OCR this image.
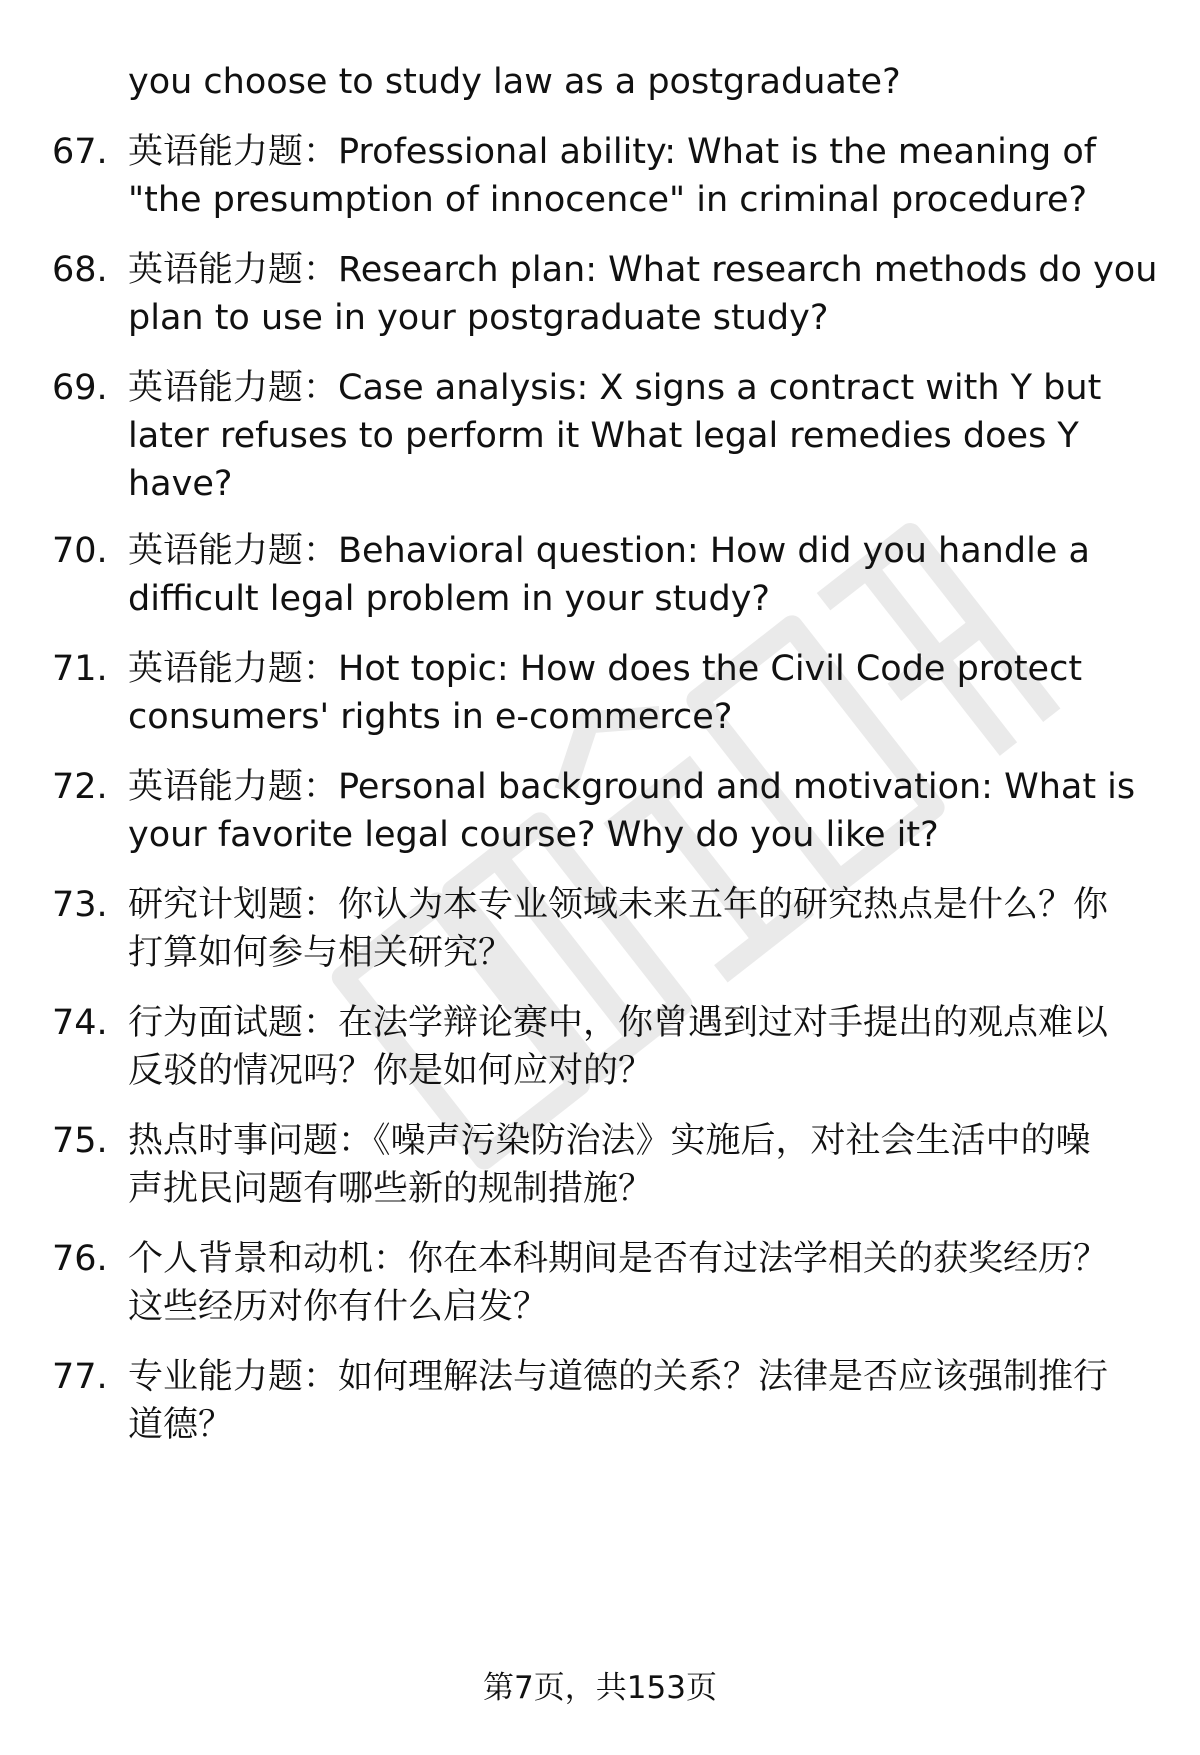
you choose to study law as a postgraduate?
67. 英语能力题：Professional ability: What is the meaning of
"the presumption of innocence" in criminal procedure?
68. 英语能力题：Research plan: What research methods do you
plan to use in your postgraduate study?
69. 英语能力题：Case analysis: X signs a contract with Y but
later refuses to perform it What legal remedies does Y
have?
70. 英语能力题：Behavioral question: How did you handle a
difficult legal problem in your study?
71. 英语能力题：Hot topic: How does the Civil Code protect
consumers' rights in e-commerce?
72. 英语能力题：Personal background and motivation: What is
your favorite legal course? Why do you like it?
73. 研究计划题：你认为本专业领域未来五年的研究热点是什么？你
打算如何参与相关研究？
74. 行为面试题：在法学辩论赛中，你曾遇到过对手提出的观点难以
反驳的情况吗？你是如何应对的？
75. 热点时事问题：《噪声污染防治法》实施后，对社会生活中的噪
声扰民问题有哪些新的规制措施？
76. 个人背景和动机：你在本科期间是否有过法学相关的获奖经历？
这些经历对你有什么启发？
77. 专业能力题：如何理解法与道德的关系？法律是否应该强制推行
道德？
第7页，共153页
